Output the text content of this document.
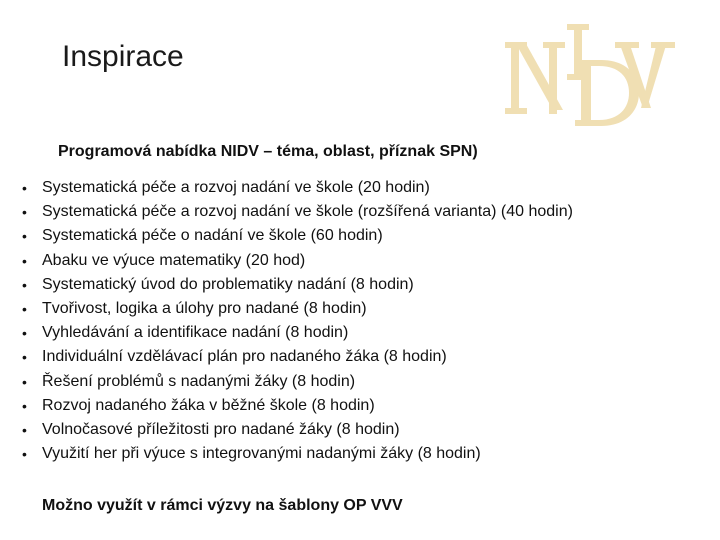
Inspirace

Programová nabídka NIDV – téma, oblast, příznak SPN)

• Systematická péče a rozvoj nadání ve škole (20 hodin)
• Systematická péče a rozvoj nadání ve škole (rozšířená varianta) (40 hodin)
• Systematická péče o nadání ve škole (60 hodin)
• Abaku ve výuce matematiky (20 hod)
• Systematický úvod do problematiky nadání (8 hodin)
• Tvořivost, logika a úlohy pro nadané (8 hodin)
• Vyhledávání a identifikace nadání (8 hodin)
• Individuální vzdělávací plán pro nadaného žáka (8 hodin)
• Řešení problémů s nadanými žáky (8 hodin)
• Rozvoj nadaného žáka v běžné škole (8 hodin)
• Volnočasové příležitosti pro nadané žáky (8 hodin)
• Využití her při výuce s integrovanými nadanými žáky (8 hodin)

Možno využít v rámci výzvy na šablony OP VVV
